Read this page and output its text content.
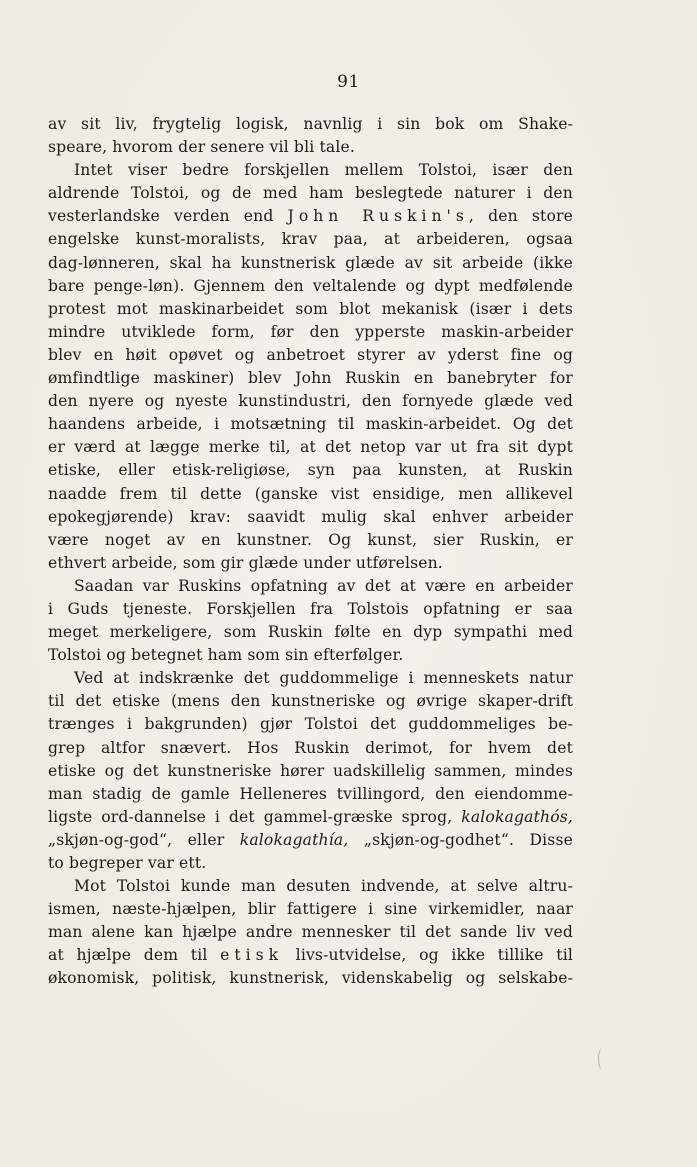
91
av sit liv, frygtelig logisk, navnlig i sin bok om Shake-
speare, hvorom der senere vil bli tale.
Intet viser bedre forskjellen mellem Tolstoi, især den
aldrende Tolstoi, og de med ham beslegtede naturer i den
vesterlandske verden end John Ruskin's, den store
engelske kunst-moralists, krav paa, at arbeideren, ogsaa
dag-lønneren, skal ha kunstnerisk glæde av sit arbeide (ikke
bare penge-løn). Gjennem den veltalende og dypt medfølende
protest mot maskinarbeidet som blot mekanisk (især i dets
mindre utviklede form, før den ypperste maskin-arbeider
blev en høit opøvet og anbetroet styrer av yderst fine og
ømfindtlige maskiner) blev John Ruskin en banebryter for
den nyere og nyeste kunstindustri, den fornyede glæde ved
haandens arbeide, i motsætning til maskin-arbeidet. Og det
er værd at lægge merke til, at det netop var ut fra sit dypt
etiske, eller etisk-religiøse, syn paa kunsten, at Ruskin
naadde frem til dette (ganske vist ensidige, men allikevel
epokegjørende) krav: saavidt mulig skal enhver arbeider
være noget av en kunstner. Og kunst, sier Ruskin, er
ethvert arbeide, som gir glæde under utførelsen.
Saadan var Ruskins opfatning av det at være en arbeider
i Guds tjeneste. Forskjellen fra Tolstois opfatning er saa
meget merkeligere, som Ruskin følte en dyp sympathi med
Tolstoi og betegnet ham som sin efterfølger.
Ved at indskrænke det guddommelige i menneskets natur
til det etiske (mens den kunstneriske og øvrige skaper-drift
trænges i bakgrunden) gjør Tolstoi det guddommeliges be-
grep altfor snævert. Hos Ruskin derimot, for hvem det
etiske og det kunstneriske hører uadskillelig sammen, mindes
man stadig de gamle Helleneres tvillingord, den eiendomme-
ligste ord-dannelse i det gammel-græske sprog, kalokagathós,
„skjøn-og-god“, eller kalokagathía, „skjøn-og-godhet“. Disse
to begreper var ett.
Mot Tolstoi kunde man desuten indvende, at selve altru-
ismen, næste-hjælpen, blir fattigere i sine virkemidler, naar
man alene kan hjælpe andre mennesker til det sande liv ved
at hjælpe dem til etisk livs-utvidelse, og ikke tillike til
økonomisk, politisk, kunstnerisk, videnskabelig og selskabe-
